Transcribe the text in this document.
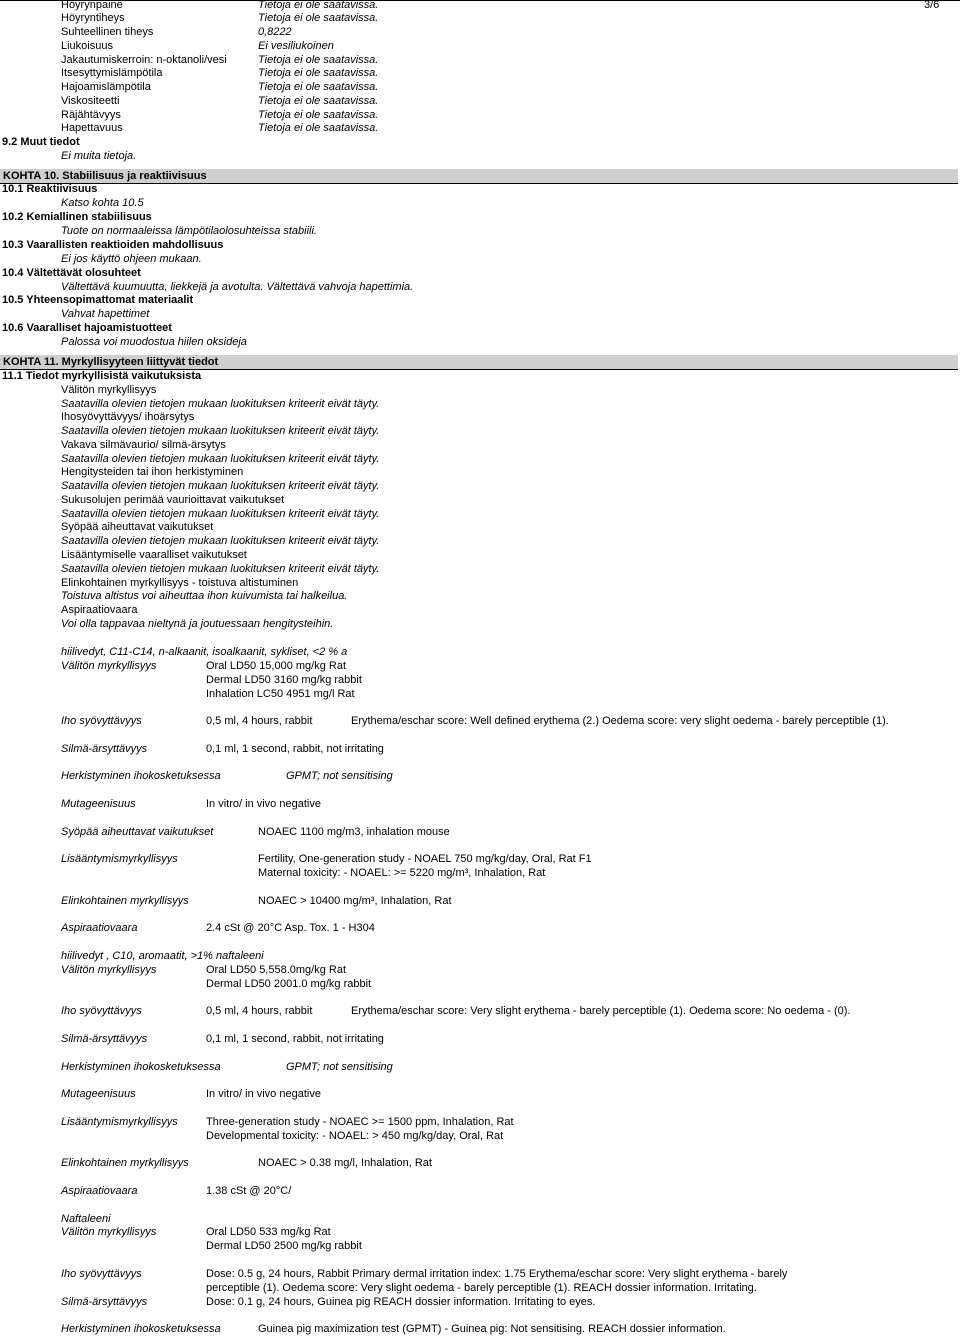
3/6
Höyrynpaine	Tietoja ei ole saatavissa.
Höyryntiheys	Tietoja ei ole saatavissa.
Suhteellinen tiheys	0,8222
Liukoisuus	Ei vesiliukoinen
Jakautumiskerroin: n-oktanoli/vesi	Tietoja ei ole saatavissa.
Itsesyttymislämpötila	Tietoja ei ole saatavissa.
Hajoamislämpötila	Tietoja ei ole saatavissa.
Viskositeetti	Tietoja ei ole saatavissa.
Räjähtävyys	Tietoja ei ole saatavissa.
Hapettavuus	Tietoja ei ole saatavissa.
9.2 Muut tiedot
Ei muita tietoja.
KOHTA 10. Stabiilisuus ja reaktiivisuus
10.1 Reaktiivisuus
Katso kohta 10.5
10.2 Kemiallinen stabiilisuus
Tuote on normaaleissa lämpötilaolosuhteissa stabiili.
10.3 Vaarallisten reaktioiden mahdollisuus
Ei jos käyttö ohjeen mukaan.
10.4 Vältettävät olosuhteet
Vältettävä kuumuutta, liekkejä ja avotulta. Vältettävä vahvoja hapettimia.
10.5 Yhteensopimattomat materiaalit
Vahvat hapettimet
10.6 Vaaralliset hajoamistuotteet
Palossa voi muodostua hiilen oksideja
KOHTA 11. Myrkyllisyyteen liittyvät tiedot
11.1 Tiedot myrkyllisistä vaikutuksista
Välitön myrkyllisyys
Saatavilla olevien tietojen mukaan luokituksen kriteerit eivät täyty.
Ihosyövyttävyys/ ihoärsytys
Saatavilla olevien tietojen mukaan luokituksen kriteerit eivät täyty.
Vakava silmävaurio/ silmä-ärsytys
Saatavilla olevien tietojen mukaan luokituksen kriteerit eivät täyty.
Hengitysteiden tai ihon herkistyminen
Saatavilla olevien tietojen mukaan luokituksen kriteerit eivät täyty.
Sukusolujen perimää vaurioittavat vaikutukset
Saatavilla olevien tietojen mukaan luokituksen kriteerit eivät täyty.
Syöpää aiheuttavat vaikutukset
Saatavilla olevien tietojen mukaan luokituksen kriteerit eivät täyty.
Lisääntymiselle vaaralliset vaikutukset
Saatavilla olevien tietojen mukaan luokituksen kriteerit eivät täyty.
Elinkohtainen myrkyllisyys - toistuva altistuminen
Toistuva altistus voi aiheuttaa ihon kuivumista tai halkeilua.
Aspiraatiovaara
Voi olla tappavaa nieltynä ja joutuessaan hengitysteihin.
hiilivedyt, C11-C14, n-alkaanit, isoalkaanit, sykliset, <2 % a
Välitön myrkyllisyys	Oral LD50 15,000 mg/kg Rat
Dermal LD50 3160 mg/kg rabbit
Inhalation LC50 4951 mg/l Rat
Iho syövyttävyys	0,5 ml, 4 hours, rabbit	Erythema/eschar score: Well defined erythema (2.) Oedema score: very slight oedema - barely perceptible (1).
Silmä-ärsyttävyys	0,1 ml, 1 second, rabbit, not irritating
Herkistyminen ihokosketuksessa	GPMT; not sensitising
Mutageenisuus	In vitro/ in vivo negative
Syöpää aiheuttavat vaikutukset	NOAEC 1100 mg/m3, inhalation mouse
Lisääntymismyrkyllisyys	Fertility, One-generation study - NOAEL 750 mg/kg/day, Oral, Rat F1
Maternal toxicity: - NOAEL: >= 5220 mg/m³, Inhalation, Rat
Elinkohtainen myrkyllisyys	NOAEC > 10400 mg/m³, Inhalation, Rat
Aspiraatiovaara	2.4 cSt @ 20°C Asp. Tox. 1 - H304
hiilivedyt , C10, aromaatit, >1% naftaleeni
Välitön myrkyllisyys	Oral LD50 5,558.0mg/kg Rat
Dermal LD50 2001.0 mg/kg rabbit
Iho syövyttävyys	0,5 ml, 4 hours, rabbit	Erythema/eschar score: Very slight erythema - barely perceptible (1). Oedema score: No oedema - (0).
Silmä-ärsyttävyys	0,1 ml, 1 second, rabbit, not irritating
Herkistyminen ihokosketuksessa	GPMT; not sensitising
Mutageenisuus	In vitro/ in vivo negative
Lisääntymismyrkyllisyys	Three-generation study - NOAEC >= 1500 ppm, Inhalation, Rat
Developmental toxicity: - NOAEL: > 450 mg/kg/day, Oral, Rat
Elinkohtainen myrkyllisyys	NOAEC > 0.38 mg/l, Inhalation, Rat
Aspiraatiovaara	1.38 cSt @ 20°C/
Naftaleeni
Välitön myrkyllisyys	Oral LD50 533 mg/kg Rat
Dermal LD50 2500 mg/kg rabbit
Iho syövyttävyys	Dose: 0.5 g, 24 hours, Rabbit Primary dermal irritation index: 1.75 Erythema/eschar score: Very slight erythema - barely
perceptible (1). Oedema score: Very slight oedema - barely perceptible (1). REACH dossier information. Irritating.
Silmä-ärsyttävyys	Dose: 0.1 g, 24 hours, Guinea pig REACH dossier information. Irritating to eyes.
Herkistyminen ihokosketuksessa	Guinea pig maximization test (GPMT) - Guinea pig: Not sensitising. REACH dossier information.
